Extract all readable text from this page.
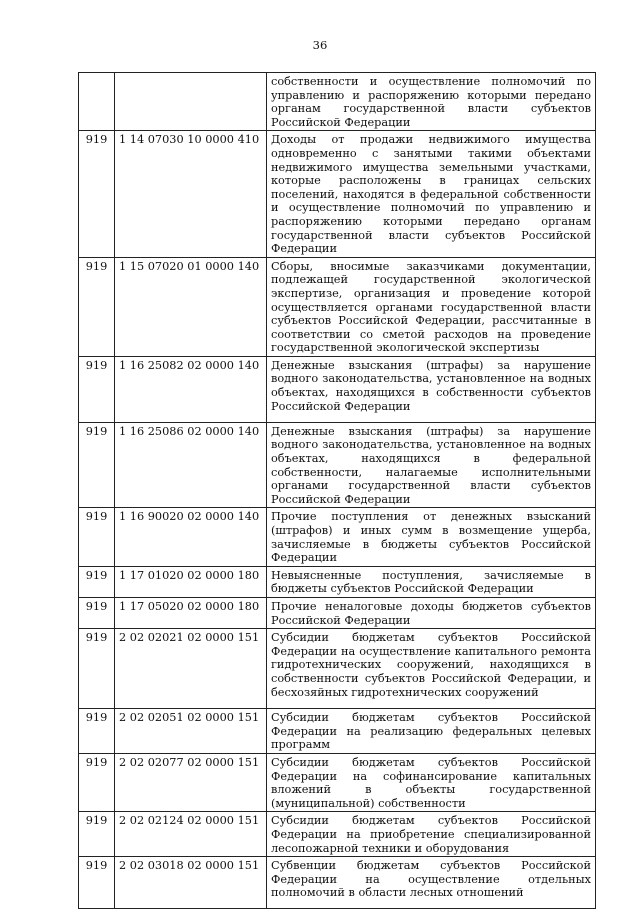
36
		собственности и осуществление полномочий по управлению и распоряжению которыми передано органам государственной власти субъектов Российской Федерации
919	1 14 07030 10 0000 410	Доходы от продажи недвижимого имущества одновременно с занятыми такими объектами недвижимого имущества земельными участками, которые расположены в границах сельских поселений, находятся в федеральной собственности и осуществление полномочий по управлению и распоряжению которыми передано органам государственной власти субъектов Российской Федерации
919	1 15 07020 01 0000 140	Сборы, вносимые заказчиками документации, подлежащей государственной экологической экспертизе, организация и проведение которой осуществляется органами государственной власти субъектов Российской Федерации, рассчитанные в соответствии со сметой расходов на проведение государственной экологической экспертизы
919	1 16 25082 02 0000 140	Денежные взыскания (штрафы) за нарушение водного законодательства, установленное на водных объектах, находящихся в собственности субъектов Российской Федерации
919	1 16 25086 02 0000 140	Денежные взыскания (штрафы) за нарушение водного законодательства, установленное на водных объектах, находящихся в федеральной собственности, налагаемые исполнительными органами государственной власти субъектов Российской Федерации
919	1 16 90020 02 0000 140	Прочие поступления от денежных взысканий (штрафов) и иных сумм в возмещение ущерба, зачисляемые в бюджеты субъектов Российской Федерации
919	1 17 01020 02 0000 180	Невыясненные поступления, зачисляемые в бюджеты субъектов Российской Федерации
919	1 17 05020 02 0000 180	Прочие неналоговые доходы бюджетов субъектов Российской Федерации
919	2 02 02021 02 0000 151	Субсидии бюджетам субъектов Российской Федерации на осуществление капитального ремонта гидротехнических сооружений, находящихся в собственности субъектов Российской Федерации, и бесхозяйных гидротехнических сооружений
919	2 02 02051 02 0000 151	Субсидии бюджетам субъектов Российской Федерации на реализацию федеральных целевых программ
919	2 02 02077 02 0000 151	Субсидии бюджетам субъектов Российской Федерации на софинансирование капитальных вложений в объекты государственной (муниципальной) собственности
919	2 02 02124 02 0000 151	Субсидии бюджетам субъектов Российской Федерации на приобретение специализированной лесопожарной техники и оборудования
919	2 02 03018 02 0000 151	Субвенции бюджетам субъектов Российской Федерации на осуществление отдельных полномочий в области лесных отношений
